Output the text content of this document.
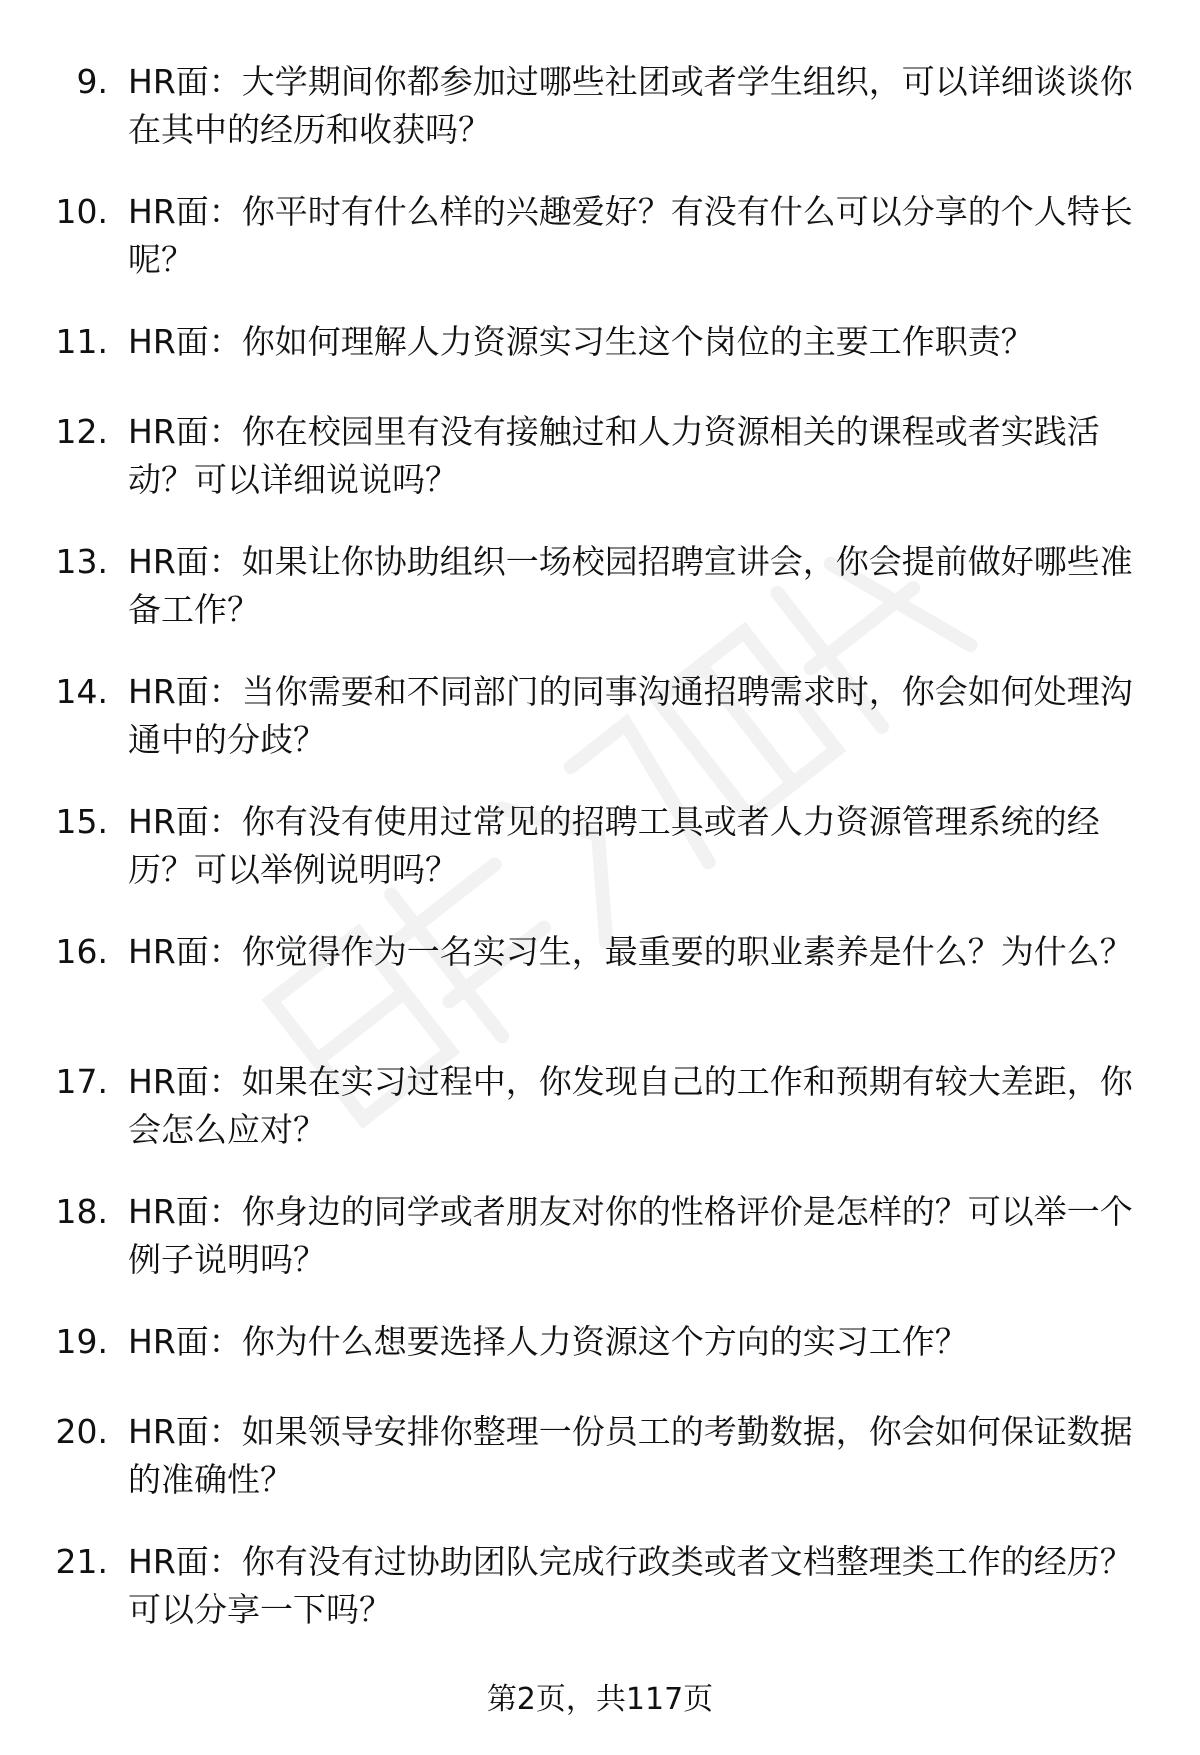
9. HR面：大学期间你都参加过哪些社团或者学生组织，可以详细谈谈你在其中的经历和收获吗？
10. HR面：你平时有什么样的兴趣爱好？有没有什么可以分享的个人特长呢？
11. HR面：你如何理解人力资源实习生这个岗位的主要工作职责？
12. HR面：你在校园里有没有接触过和人力资源相关的课程或者实践活动？可以详细说说吗？
13. HR面：如果让你协助组织一场校园招聘宣讲会，你会提前做好哪些准备工作？
14. HR面：当你需要和不同部门的同事沟通招聘需求时，你会如何处理沟通中的分歧？
15. HR面：你有没有使用过常见的招聘工具或者人力资源管理系统的经历？可以举例说明吗？
16. HR面：你觉得作为一名实习生，最重要的职业素养是什么？为什么？
17. HR面：如果在实习过程中，你发现自己的工作和预期有较大差距，你会怎么应对？
18. HR面：你身边的同学或者朋友对你的性格评价是怎样的？可以举一个例子说明吗？
19. HR面：你为什么想要选择人力资源这个方向的实习工作？
20. HR面：如果领导安排你整理一份员工的考勤数据，你会如何保证数据的准确性？
21. HR面：你有没有过协助团队完成行政类或者文档整理类工作的经历？可以分享一下吗？
第2页，共117页
